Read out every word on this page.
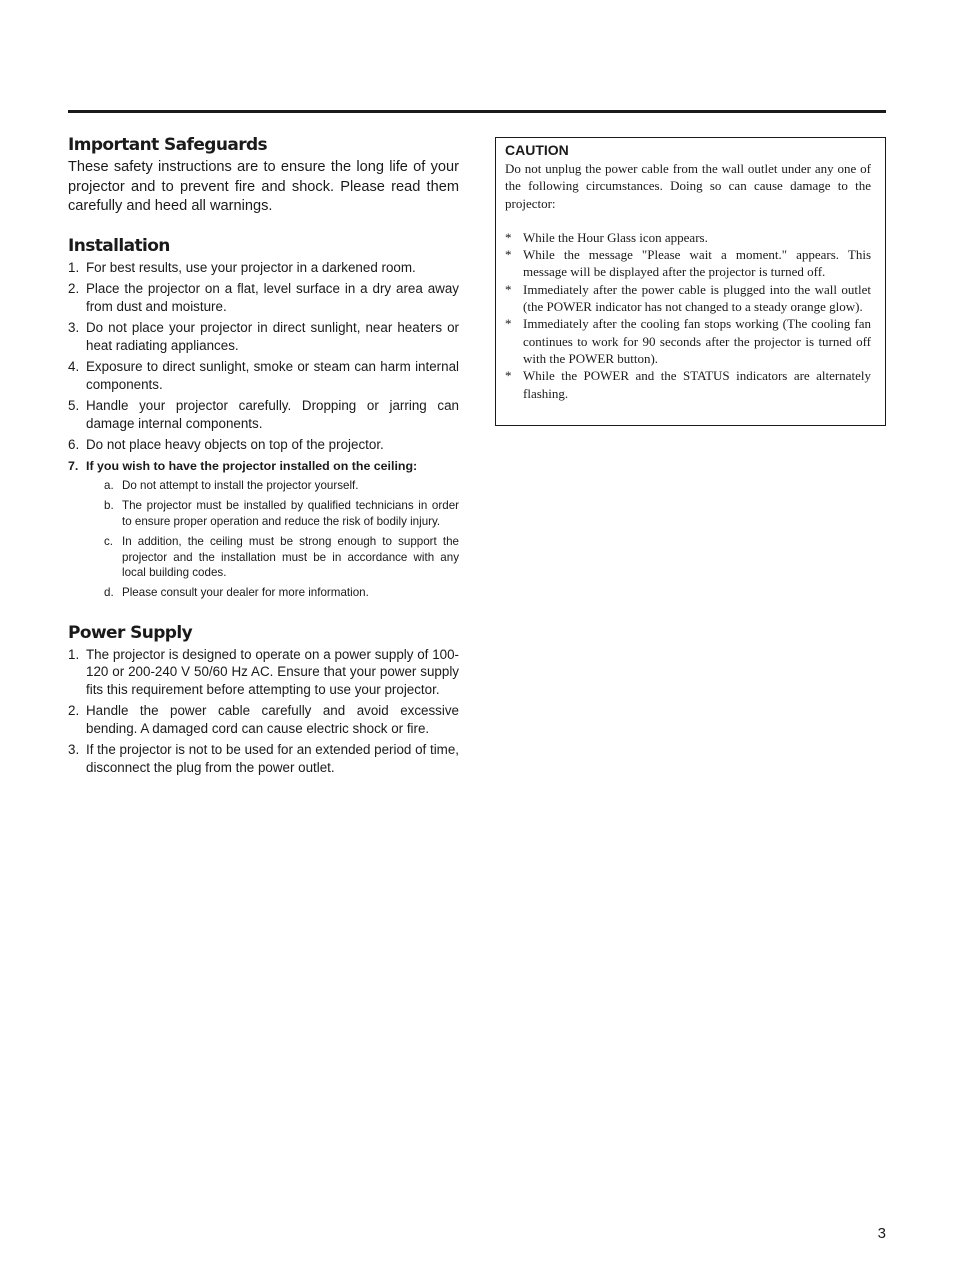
Important Safeguards

These safety instructions are to ensure the long life of your projector and to prevent fire and shock. Please read them carefully and heed all warnings.

Installation
1. For best results, use your projector in a darkened room.
2. Place the projector on a flat, level surface in a dry area away from dust and moisture.
3. Do not place your projector in direct sunlight, near heaters or heat radiating appliances.
4. Exposure to direct sunlight, smoke or steam can harm internal components.
5. Handle your projector carefully. Dropping or jarring can damage internal components.
6. Do not place heavy objects on top of the projector.
7. If you wish to have the projector installed on the ceiling:
a. Do not attempt to install the projector yourself.
b. The projector must be installed by qualified technicians in order to ensure proper operation and reduce the risk of bodily injury.
c. In addition, the ceiling must be strong enough to support the projector and the installation must be in accordance with any local building codes.
d. Please consult your dealer for more information.
Power Supply
1. The projector is designed to operate on a power supply of 100-120 or 200-240 V 50/60 Hz AC. Ensure that your power supply fits this requirement before attempting to use your projector.
2. Handle the power cable carefully and avoid excessive bending. A damaged cord can cause electric shock or fire.
3. If the projector is not to be used for an extended period of time, disconnect the plug from the power outlet.

CAUTION

Do not unplug the power cable from the wall outlet under any one of the following circumstances. Doing so can cause damage to the projector:

* While the Hour Glass icon appears.
* While the message "Please wait a moment." appears. This message will be displayed after the projector is turned off.
* Immediately after the power cable is plugged into the wall outlet (the POWER indicator has not changed to a steady orange glow).
* Immediately after the cooling fan stops working (The cooling fan continues to work for 90 seconds after the projector is turned off with the POWER button).
* While the POWER and the STATUS indicators are alternately flashing.
3
